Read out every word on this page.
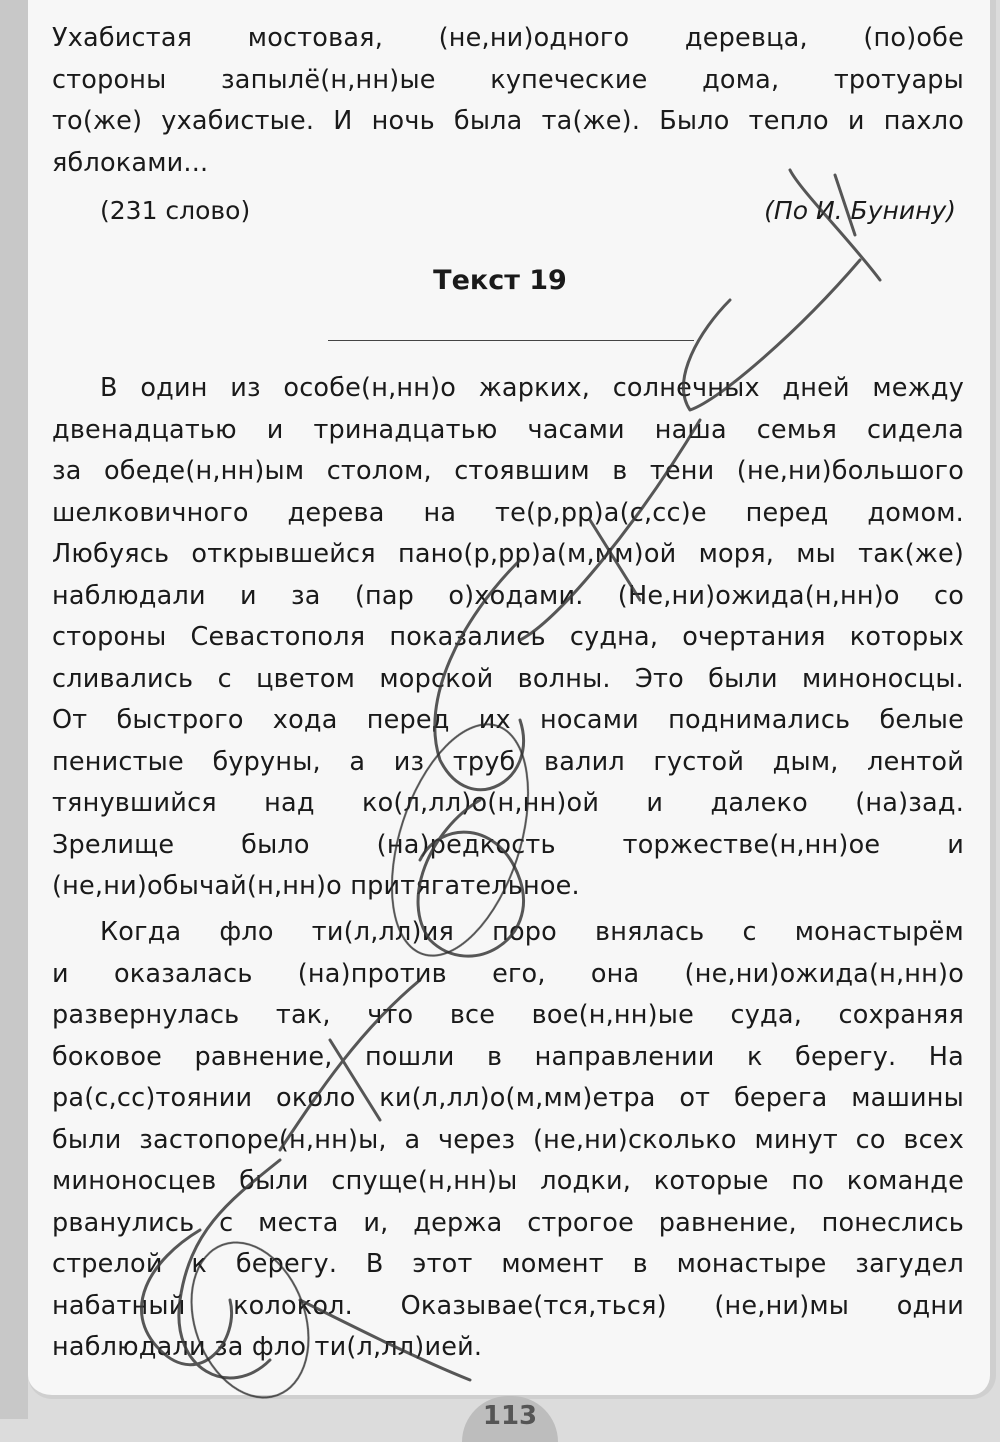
Ухабистая мостовая, (не,ни)одного деревца, (по)обе
стороны запылё(н,нн)ые купеческие дома, тротуары
то(же) ухабистые. И ночь была та(же). Было тепло и пахло
яблоками...
(231 слово)	(По И. Бунину)
Текст 19
В один из особе(н,нн)о жарких, солнечных дней между
двенадцатью и тринадцатью часами наша семья сидела
за обеде(н,нн)ым столом, стоявшим в тени (не,ни)большого
шелковичного дерева на те(р,рр)а(с,сс)е перед домом.
Любуясь открывшейся пано(р,рр)а(м,мм)ой моря, мы так(же)
наблюдали и за (пар о)ходами. (Не,ни)ожида(н,нн)о со
стороны Севастополя показались судна, очертания которых
сливались с цветом морской волны. Это были миноносцы.
От быстрого хода перед их носами поднимались белые
пенистые буруны, а из труб валил густой дым, лентой
тянувшийся над ко(л,лл)о(н,нн)ой и далеко (на)зад.
Зрелище было (на)редкость торжестве(н,нн)ое и
(не,ни)обычай(н,нн)о притягательное.
Когда фло ти(л,лл)ия поро внялась с монастырём
и оказалась (на)против его, она (не,ни)ожида(н,нн)о
развернулась так, что все вое(н,нн)ые суда, сохраняя
боковое равнение, пошли в направлении к берегу. На
ра(с,сс)тоянии около ки(л,лл)о(м,мм)етра от берега машины
были застопоре(н,нн)ы, а через (не,ни)сколько минут со всех
миноносцев были спуще(н,нн)ы лодки, которые по команде
рванулись с места и, держа строгое равнение, понеслись
стрелой к берегу. В этот момент в монастыре загудел
набатный колокол. Оказывае(тся,ться) (не,ни)мы одни
наблюдали за фло ти(л,лл)ией.
113
